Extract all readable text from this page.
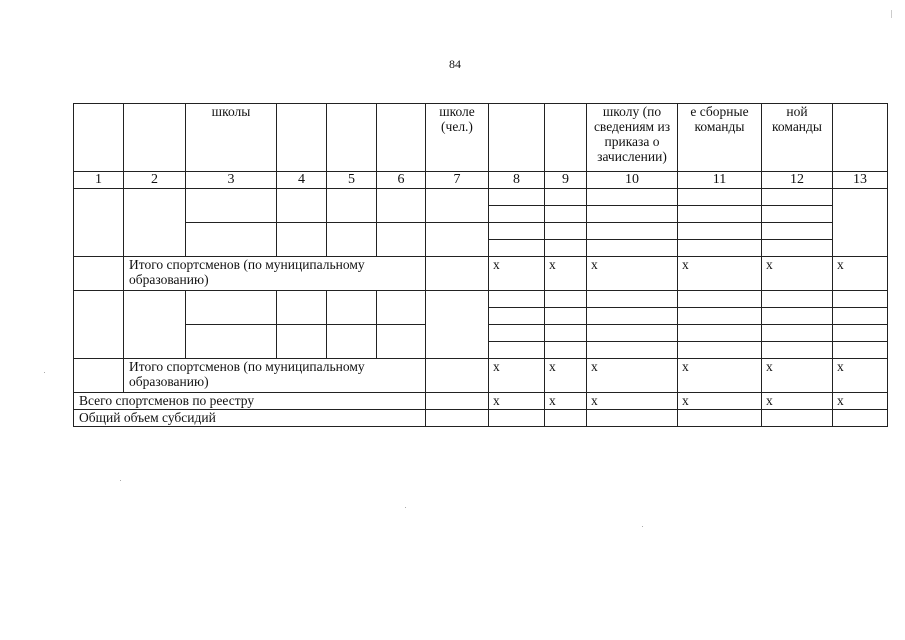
84
		школы				школе (чел.)			школу (по сведениям из приказа о зачислении)	е сборные команды	ной команды	
1	2	3	4	5	6	7	8	9	10	11	12	13

	Итого спортсменов (по муниципальному образованию)						x	x	x	x	x	x

	Итого спортсменов (по муниципальному образованию)						x	x	x	x	x	x
Всего спортсменов по реестру							x	x	x	x	x	x
Общий объем субсидий												
